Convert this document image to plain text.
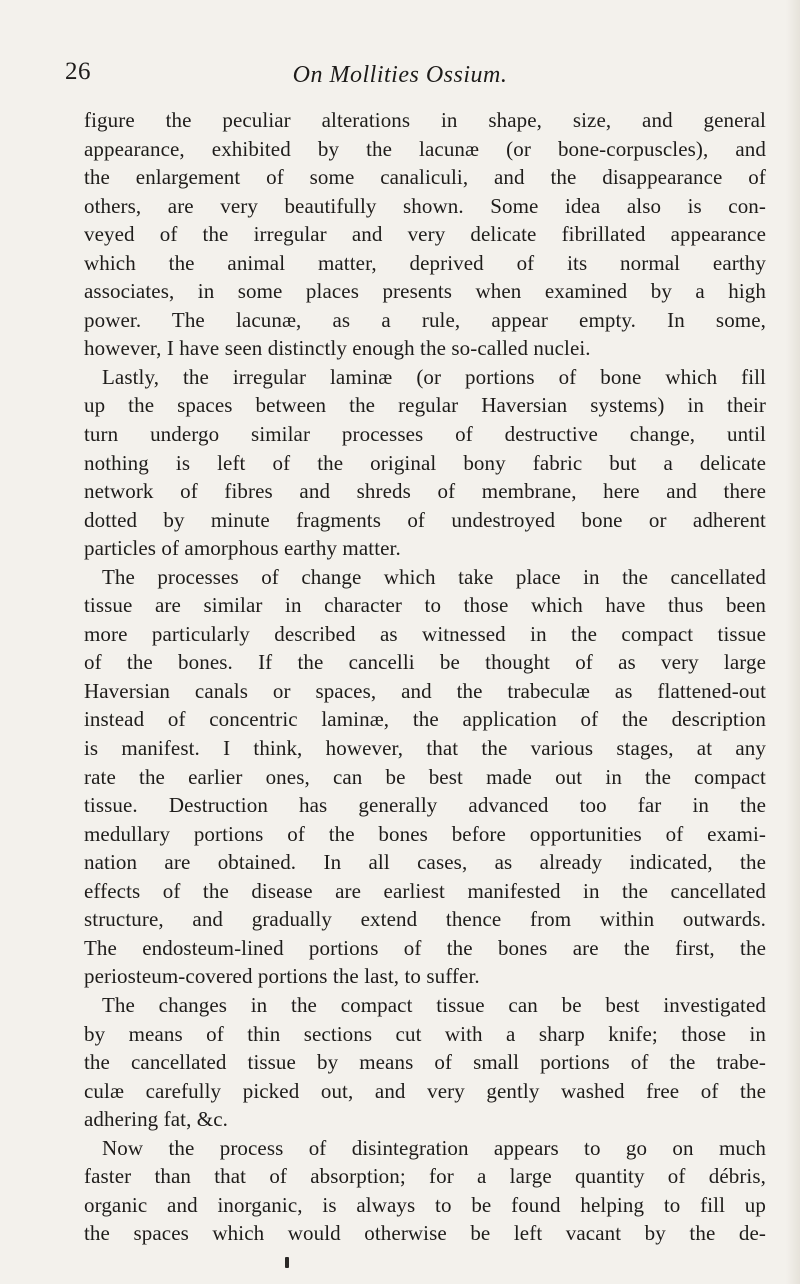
26	On Mollities Ossium.
figure the peculiar alterations in shape, size, and general
appearance, exhibited by the lacunæ (or bone-corpuscles), and
the enlargement of some canaliculi, and the disappearance of
others, are very beautifully shown. Some idea also is con-
veyed of the irregular and very delicate fibrillated appearance
which the animal matter, deprived of its normal earthy
associates, in some places presents when examined by a high
power. The lacunæ, as a rule, appear empty. In some,
however, I have seen distinctly enough the so-called nuclei.
Lastly, the irregular laminæ (or portions of bone which fill
up the spaces between the regular Haversian systems) in their
turn undergo similar processes of destructive change, until
nothing is left of the original bony fabric but a delicate
network of fibres and shreds of membrane, here and there
dotted by minute fragments of undestroyed bone or adherent
particles of amorphous earthy matter.
The processes of change which take place in the cancellated
tissue are similar in character to those which have thus been
more particularly described as witnessed in the compact tissue
of the bones. If the cancelli be thought of as very large
Haversian canals or spaces, and the trabeculæ as flattened-out
instead of concentric laminæ, the application of the description
is manifest. I think, however, that the various stages, at any
rate the earlier ones, can be best made out in the compact
tissue. Destruction has generally advanced too far in the
medullary portions of the bones before opportunities of exami-
nation are obtained. In all cases, as already indicated, the
effects of the disease are earliest manifested in the cancellated
structure, and gradually extend thence from within outwards.
The endosteum-lined portions of the bones are the first, the
periosteum-covered portions the last, to suffer.
The changes in the compact tissue can be best investigated
by means of thin sections cut with a sharp knife; those in
the cancellated tissue by means of small portions of the trabe-
culæ carefully picked out, and very gently washed free of the
adhering fat, &c.
Now the process of disintegration appears to go on much
faster than that of absorption; for a large quantity of débris,
organic and inorganic, is always to be found helping to fill up
the spaces which would otherwise be left vacant by the de-
